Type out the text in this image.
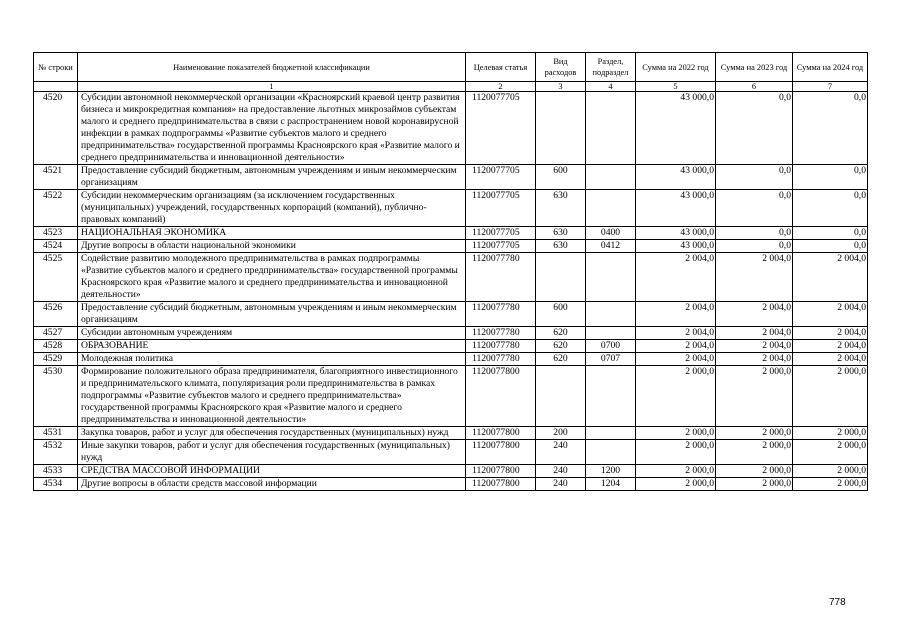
№ строки	Наименование показателей бюджетной классификации	Целевая статья	Вид расходов	Раздел, подраздел	Сумма на 2022 год	Сумма на 2023 год	Сумма на 2024 год
	1	2	3	4	5	6	7
4520	Субсидии автономной некоммерческой организации «Красноярский краевой центр развития бизнеса и микрокредитная компания» на предоставление льготных микрозаймов субъектам малого и среднего предпринимательства в связи с распространением новой коронавирусной инфекции в рамках подпрограммы «Развитие субъектов малого и среднего предпринимательства» государственной программы Красноярского края «Развитие малого и среднего предпринимательства и инновационной деятельности»	1120077705			43 000,0	0,0	0,0
4521	Предоставление субсидий бюджетным, автономным учреждениям и иным некоммерческим организациям	1120077705	600		43 000,0	0,0	0,0
4522	Субсидии некоммерческим организациям (за исключением государственных (муниципальных) учреждений, государственных корпораций (компаний), публично-правовых компаний)	1120077705	630		43 000,0	0,0	0,0
4523	НАЦИОНАЛЬНАЯ ЭКОНОМИКА	1120077705	630	0400	43 000,0	0,0	0,0
4524	Другие вопросы в области национальной экономики	1120077705	630	0412	43 000,0	0,0	0,0
4525	Содействие развитию молодежного предпринимательства в рамках подпрограммы «Развитие субъектов малого и среднего предпринимательства» государственной программы Красноярского края «Развитие малого и среднего предпринимательства и инновационной деятельности»	1120077780			2 004,0	2 004,0	2 004,0
4526	Предоставление субсидий бюджетным, автономным учреждениям и иным некоммерческим организациям	1120077780	600		2 004,0	2 004,0	2 004,0
4527	Субсидии автономным учреждениям	1120077780	620		2 004,0	2 004,0	2 004,0
4528	ОБРАЗОВАНИЕ	1120077780	620	0700	2 004,0	2 004,0	2 004,0
4529	Молодежная политика	1120077780	620	0707	2 004,0	2 004,0	2 004,0
4530	Формирование положительного образа предпринимателя, благоприятного инвестиционного и предпринимательского климата, популяризация роли предпринимательства в рамках подпрограммы «Развитие субъектов малого и среднего предпринимательства» государственной программы Красноярского края «Развитие малого и среднего предпринимательства и инновационной деятельности»	1120077800			2 000,0	2 000,0	2 000,0
4531	Закупка товаров, работ и услуг для обеспечения государственных (муниципальных) нужд	1120077800	200		2 000,0	2 000,0	2 000,0
4532	Иные закупки товаров, работ и услуг для обеспечения государственных (муниципальных) нужд	1120077800	240		2 000,0	2 000,0	2 000,0
4533	СРЕДСТВА МАССОВОЙ ИНФОРМАЦИИ	1120077800	240	1200	2 000,0	2 000,0	2 000,0
4534	Другие вопросы в области средств массовой информации	1120077800	240	1204	2 000,0	2 000,0	2 000,0
778
